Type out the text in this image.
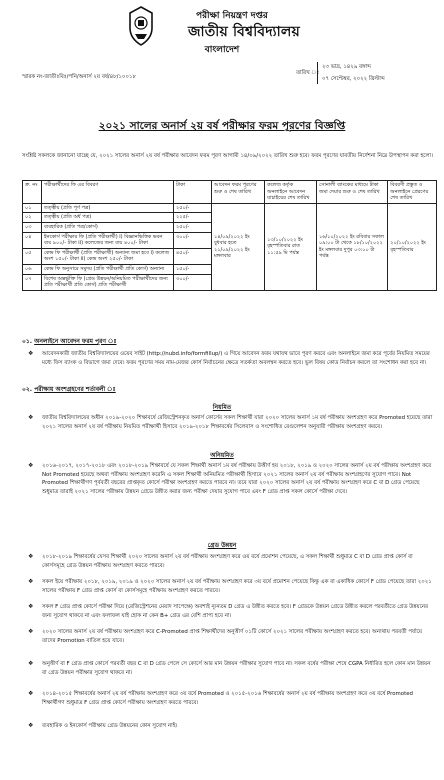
পরীক্ষা নিয়ন্ত্রণ দপ্তর
জাতীয় বিশ্ববিদ্যালয়
বাংলাদেশ
স্মারক নং-জাতীঃবিঃ/পনি/অনার্স ২য় বর্ষ/৪৮/১০০১৮
তারিখ ঃ
২৩ ভাদ্র, ১৪২৯ বঙ্গাব্দ
০৭ সেপ্টেম্বর, ২০২২ খ্রিস্টাব্দ
২০২১ সালের অনার্স ২য় বর্ষ পরীক্ষার ফরম পূরণের বিজ্ঞপ্তি
সংশ্লিষ্ট সকলকে জানানো যাচ্ছে যে, ২০২১ সালের অনার্স ২য় বর্ষ পরীক্ষার আবেদন ফরম পূরণ আগামী ১৪/০৯/২০২২ তারিখ শুরু হবে। ফরম পূরণের যাবতীয় নির্দেশনা নিম্নে উপস্থাপন করা হলো।
ক্র. নং	পরীক্ষার্থীদের ফি এর বিবরণ	টাকা	আবেদন ফরম পূরণের শুরু ও শেষ তারিখ	কলেজ কর্তৃক অনলাইনে আবেদন যাচাইয়ের শেষ তারিখ	সোনালী ব্যাংকের মাধ্যমে টাকা জমা দেয়ার শুরু ও শেষ তারিখ	বিবরণী প্রস্তুত ও অনলাইনে প্রেরণের শেষ তারিখ
০১	তত্ত্বীয় (প্রতি পূর্ণ পত্র)	২৫০/-	১৪/০৯/২০২২ ইং বুধবার হতে ২১/০৯/২০২২ ইং মঙ্গলবার	১৩/১০/২০২২ ইং বৃহস্পতিবার রাত ১১:৫৯ মি পর্যন্ত	১৬/১০/২০২২ ইং রবিবার সকাল ০৯:০০ টা থেকে ১৮/১০/২০২২ ইং মঙ্গলবার দুপুর ০৩:০০ টা পর্যন্ত	২০/১০/২০২২ ইং বৃহস্পতিবার
০২	তত্ত্বীয় (প্রতি অর্ধ পত্র)	২২৫/-				
০৩	ব্যবহারিক (প্রতি পত্র/কোর্স)	২৫০/-				
০৪	ইনকোর্স পরীক্ষার ফি (প্রতি পরীক্ষার্থী) i) বিজ্ঞানভিত্তিক ভবন ব্যয় ৯০০/- টাকা ii) কলেজের জন্য ব্যয় ৪০০/- টাকা	৩০০/-				
০৫	কেন্দ্র ফি পরীক্ষার্থী (প্রতি পরীক্ষার্থী) অন্যান্য জমা হবে i) কলেজ অংশ ১৫০/- টাকা ii) কেন্দ্র অংশ ২৫০/- টাকা	৪৫০/-				
০৬	কেন্দ্র ফি অনুসারে সমুদয় (প্রতি পরীক্ষার্থী প্রতি কোর্স) অন্যান্য	১৫০/-				
০৭	বিশেষ অন্তর্ভুক্তি ফি (গ্রেড উন্নয়ন/অনিয়মিত পরীক্ষার্থীদের জন্য প্রতি পরীক্ষার্থী প্রতি কোর্স) প্রতি পরীক্ষার্থী	৩০০/-				
০১. অনলাইনে আবেদন ফরম পূরণ ঃ
❖ আবেদনকারী জাতীয় বিশ্ববিদ্যালয়ের ওয়েব সাইট (http://nubd.info/formfillup/) এ গিয়ে আবেদন ফরম যথাযথ ভাবে পূরণ করবে এবং অনলাইনে জমা করে পূর্বের নিয়মিত সময়ের মধ্যে ফিস ব্যাংক ও বিভাগে জমা দেবে। ফরম পূরণের সময় নাম-মেজর কোর্স নির্বাচনের ক্ষেত্রে সতর্কতা অবলম্বন করতে হবে। ভুল বিষয় কোড নির্বাচন করলে তা সংশোধন করা হবে না।
০২. পরীক্ষায় অংশগ্রহণের শর্তাবলী ঃ
নিয়মিত
❖ জাতীয় বিশ্ববিদ্যালয়ের অধীন ২০১৯-২০২০ শিক্ষাবর্ষে রেজিস্ট্রেশনকৃত অনার্স কোর্সের সকল শিক্ষার্থী যারা ২০২০ সালের অনার্স ১ম বর্ষ পরীক্ষায় অংশগ্রহণ করে Promoted হয়েছে তারা ২০২১ সালের অনার্স ২য় বর্ষ পরীক্ষায় নিয়মিত পরীক্ষার্থী হিসাবে ২০১৯-২০১৮ শিক্ষাবর্ষের সিলেবাস ও সংশোধিত রেগুলেশন অনুযায়ী পরীক্ষায় অংশগ্রহণ করবে।
অনিয়মিত
❖ ২০১৬-২০১৭, ২০১৭-২০১৮ এবং ২০১৮-২০১৯ শিক্ষাবর্ষে যে সকল শিক্ষার্থী অনার্স ১ম বর্ষ পরীক্ষায় উত্তীর্ণ হয় ২০১৮, ২০১৯ ও ২০২০ সালের অনার্স ২য় বর্ষ পরীক্ষায় অংশগ্রহণ করে Not Promoted হয়েছে অথবা পরীক্ষায় অংশগ্রহণ করেনি এ সকল শিক্ষার্থী অনিয়মিত পরীক্ষার্থী হিসাবে ২০২১ সালের অনার্স ২য় বর্ষ পরীক্ষায় অংশগ্রহণের সুযোগ পাবে। Not Promoted শিক্ষার্থীগণ পূর্ববর্তী বছরের প্রাপ্তকৃত কোর্সে পরীক্ষা অংশগ্রহণ করতে পারবে না। তবে যারা ২০২০ সালের অনার্স ২য় বর্ষ পরীক্ষায় অংশগ্রহণ করে C বা D গ্রেড পেয়েছে শুধুমাত্র তারাই ২০২১ সালের পরীক্ষায় উন্নয়ন গ্রেডে উন্নীত করার জন্য পরীক্ষা দেয়ার সুযোগ পাবে এবং F গ্রেড প্রাপ্ত সকল কোর্সে পরীক্ষা দেবে।
গ্রেড উন্নয়ন
❖ ২০১৮-২০১৯ শিক্ষাবর্ষের যেসব শিক্ষার্থী ২০২০ সালের অনার্স ২য় বর্ষ পরীক্ষায় অংশগ্রহণ করে ওয় বর্ষে প্রমোশন পেয়েছে, এ সকল শিক্ষার্থী শুধুমাত্র C বা D গ্রেড প্রাপ্ত কোর্স বা কোর্সসমূহে গ্রেড উন্নয়ন পরীক্ষায় অংশগ্রহণ করতে পারবে।
❖ সকল ইয়ে পরীক্ষায় ২০১৮, ২০১৯, ২০১৯ ও ২০২০ সালের অনার্স ২য় বর্ষ পরীক্ষায় অংশগ্রহণ করে ৩য় বর্ষে প্রমোশন পেয়েছে কিন্তু এক বা একাধিক কোর্সে F গ্রেড পেয়েছে তারা ২০২১ সালের পরীক্ষায় F গ্রেড প্রাপ্ত কোর্স বা কোর্সসমূহে পরীক্ষায় অংশগ্রহণ করতে পারবে।
❖ সকল F গ্রেড প্রাপ্ত কোর্সে পরীক্ষা দিয়ে (রেজিস্ট্রেশনের মেয়াদ সাপেক্ষে) অবশ্যই ন্যূনতম D গ্রেড এ উন্নীত করতে হবে। F গ্রেডকে উন্নয়ন গ্রেডে উন্নীত করলে পরবর্তীতে গ্রেড উন্নয়নের জন্য সুযোগ থাকবে না এবং ফলাফল যাই হোক না কেন B+ গ্রেড এর বেশি প্রাপ্য হবে না।
❖ ২০২০ সালের অনার্স ২য় বর্ষ পরীক্ষায় অংশগ্রহণ করে C-Promoted প্রাপ্ত শিক্ষার্থীদের অনুত্তীর্ণ ০১টি কোর্সে ২০২১ সালের পরীক্ষায় অংশগ্রহণ করতে হবে। অন্যথায় পরবর্তী পর্যায়ে তাদের Promotion বাতিল হয়ে যাবে।
❖ অনুত্তীর্ণ বা F গ্রেড প্রাপ্ত কোর্সে পরবর্তী বছর C বা D গ্রেড পেলে সে কোর্সে আর মান উন্নয়ন পরীক্ষার সুযোগ পাবে না। সকল বর্ষের পরীক্ষা শেষে CGPA নির্ধারিত হলে কোন মান উন্নয়ন বা গ্রেড উন্নয়ন পরীক্ষার সুযোগ থাকবে না।
❖ ২০১৪-২০১৫ শিক্ষাবর্ষের অনার্স ২য় বর্ষ পরীক্ষায় অংশগ্রহণ করে ৩য় বর্ষে Promoted ও ২০১৫-২০১৬ শিক্ষাবর্ষের অনার্স ২য় বর্ষ পরীক্ষায় অংশগ্রহণ করে ৩য় বর্ষে Promoted শিক্ষার্থীগণ শুধুমাত্র F গ্রেড প্রাপ্ত কোর্সে পরীক্ষায় অংশগ্রহণ করতে পারবে।
❖ ব্যবহারিক ও ইনকোর্স পরীক্ষায় গ্রেড উন্নয়নের কোন সুযোগ নাই।
